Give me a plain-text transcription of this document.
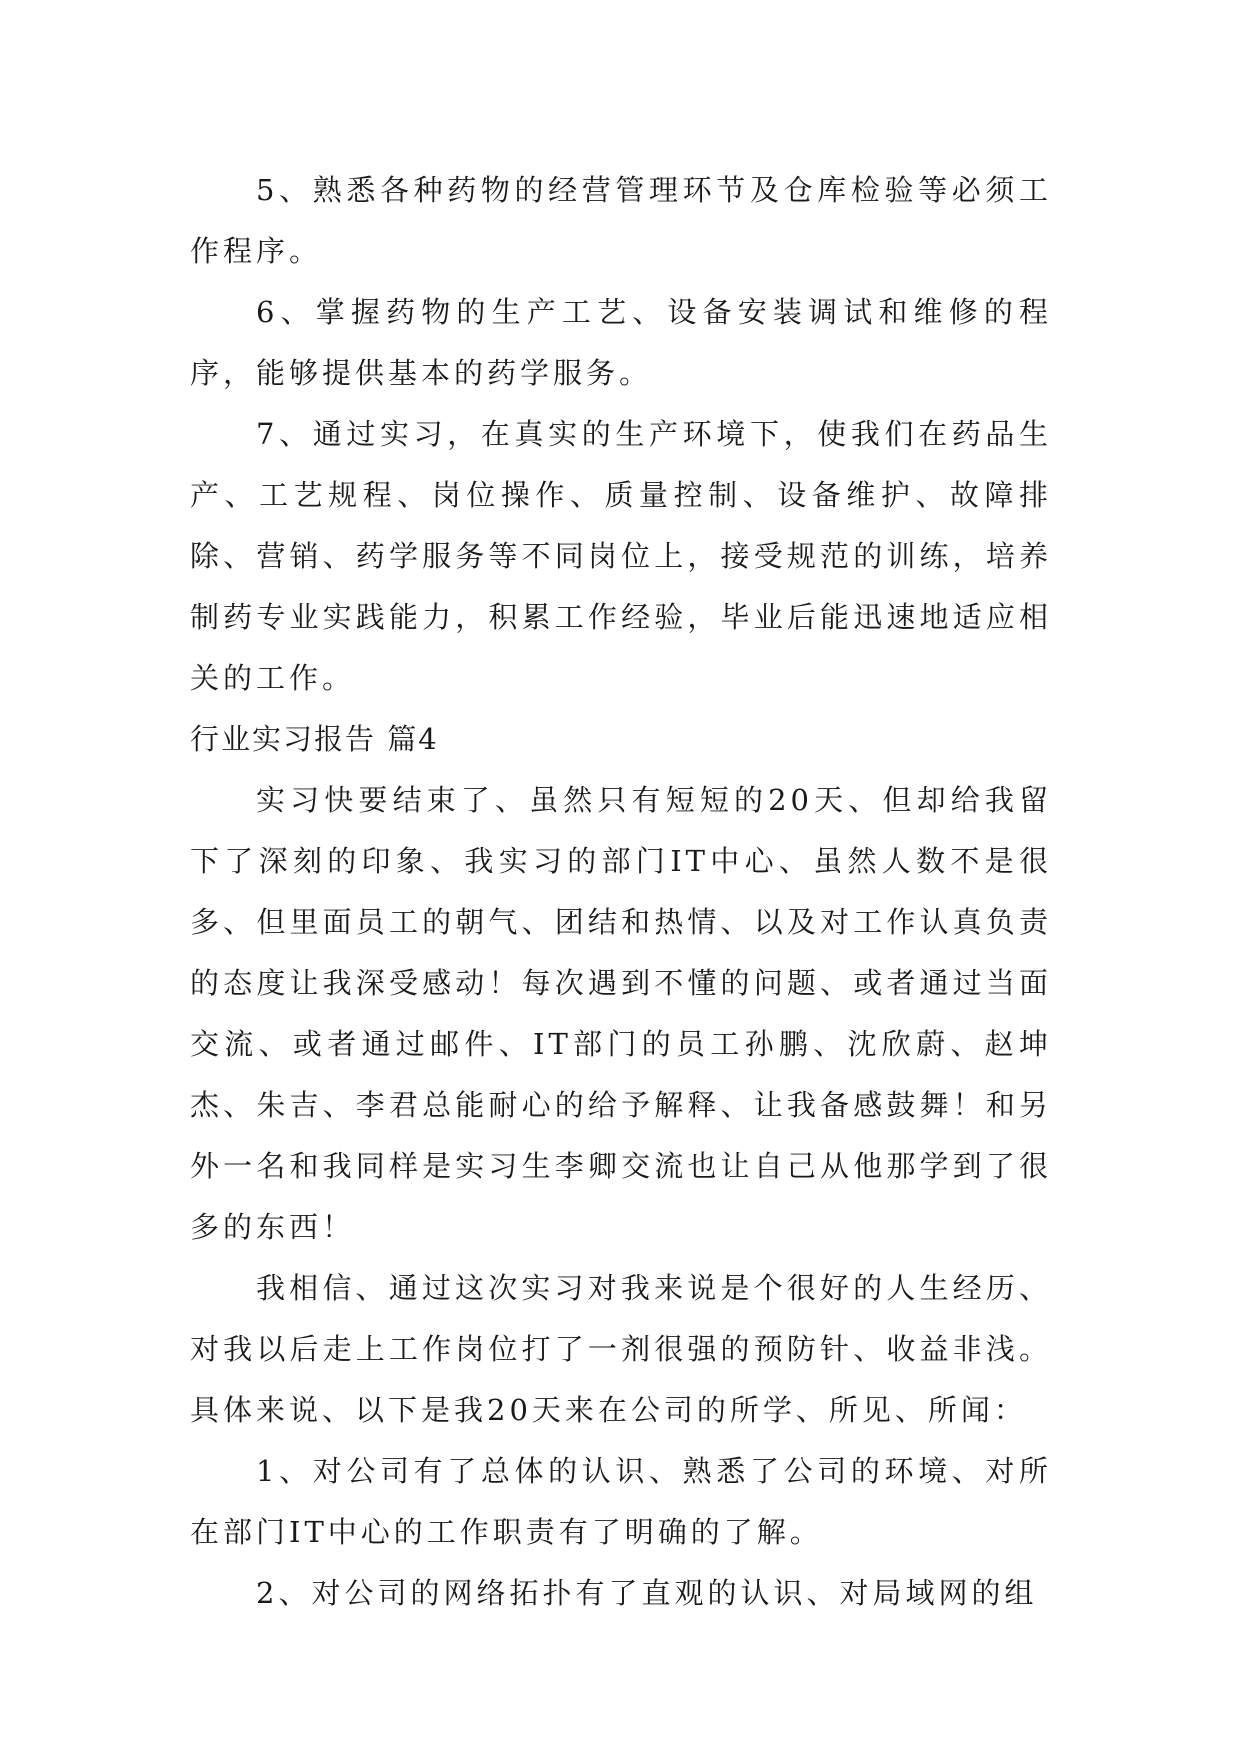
5、熟悉各种药物的经营管理环节及仓库检验等必须工作程序。

6、掌握药物的生产工艺、设备安装调试和维修的程序，能够提供基本的药学服务。

7、通过实习，在真实的生产环境下，使我们在药品生产、工艺规程、岗位操作、质量控制、设备维护、故障排除、营销、药学服务等不同岗位上，接受规范的训练，培养制药专业实践能力，积累工作经验，毕业后能迅速地适应相关的工作。

行业实习报告 篇4

实习快要结束了、虽然只有短短的20天、但却给我留下了深刻的印象、我实习的部门IT中心、虽然人数不是很多、但里面员工的朝气、团结和热情、以及对工作认真负责的态度让我深受感动！每次遇到不懂的问题、或者通过当面交流、或者通过邮件、IT部门的员工孙鹏、沈欣蔚、赵坤杰、朱吉、李君总能耐心的给予解释、让我备感鼓舞！和另外一名和我同样是实习生李卿交流也让自己从他那学到了很多的东西！

我相信、通过这次实习对我来说是个很好的人生经历、对我以后走上工作岗位打了一剂很强的预防针、收益非浅。具体来说、以下是我20天来在公司的所学、所见、所闻：

1、对公司有了总体的认识、熟悉了公司的环境、对所在部门IT中心的工作职责有了明确的了解。

2、对公司的网络拓扑有了直观的认识、对局域网的组
